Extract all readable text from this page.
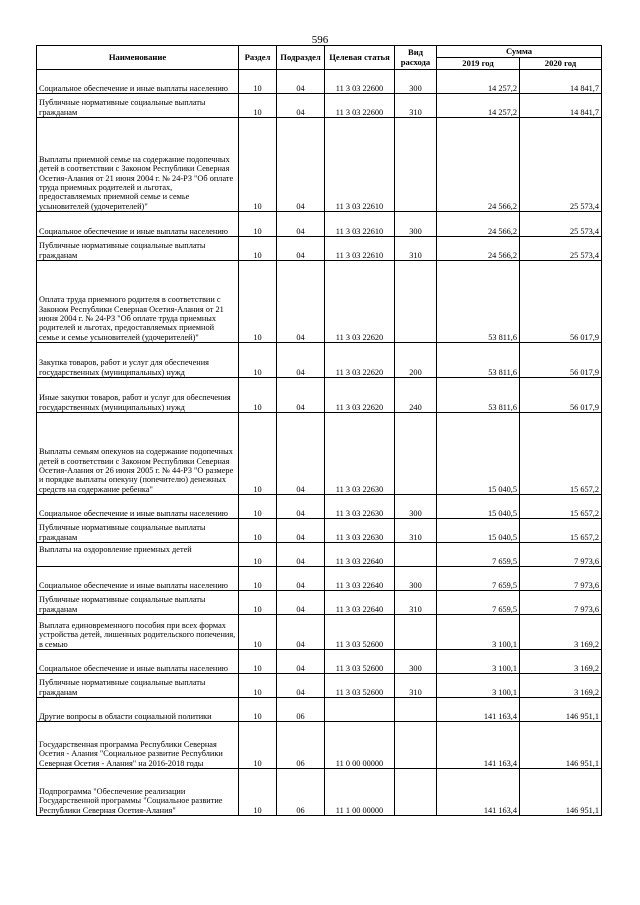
596
Наименование	Раздел	Подраздел	Целевая статья	Вид расхода	Сумма	
					2019 год	2020 год
Социальное обеспечение и иные выплаты населению	10	04	11 3 03 22600	300	14 257,2	14 841,7
Публичные нормативные социальные выплаты гражданам	10	04	11 3 03 22600	310	14 257,2	14 841,7
Выплаты приемной семье на содержание подопечных детей в соответствии с Законом Республики Северная Осетия-Алания от 21 июня 2004 г. № 24-РЗ "Об оплате труда приемных родителей и льготах, предоставляемых приемной семье и семье усыновителей (удочерителей)"	10	04	11 3 03 22610		24 566,2	25 573,4
Социальное обеспечение и иные выплаты населению	10	04	11 3 03 22610	300	24 566,2	25 573,4
Публичные нормативные социальные выплаты гражданам	10	04	11 3 03 22610	310	24 566,2	25 573,4
Оплата труда приемного родителя в соответствии с Законом Республики Северная Осетия-Алания от 21 июня 2004 г. № 24-РЗ "Об оплате труда приемных родителей и льготах, предоставляемых приемной семье и семье усыновителей (удочерителей)"	10	04	11 3 03 22620		53 811,6	56 017,9
Закупка товаров, работ и услуг для обеспечения государственных (муниципальных) нужд	10	04	11 3 03 22620	200	53 811,6	56 017,9
Иные закупки товаров, работ и услуг для обеспечения государственных (муниципальных) нужд	10	04	11 3 03 22620	240	53 811,6	56 017,9
Выплаты семьям опекунов на содержание подопечных детей в соответствии с Законом Республики Северная Осетия-Алания от 26 июня 2005 г. № 44-РЗ "О размере и порядке выплаты опекуну (попечителю) денежных средств на содержание ребенка"	10	04	11 3 03 22630		15 040,5	15 657,2
Социальное обеспечение и иные выплаты населению	10	04	11 3 03 22630	300	15 040,5	15 657,2
Публичные нормативные социальные выплаты гражданам	10	04	11 3 03 22630	310	15 040,5	15 657,2
Выплаты на оздоровление приемных детей	10	04	11 3 03 22640		7 659,5	7 973,6
Социальное обеспечение и иные выплаты населению	10	04	11 3 03 22640	300	7 659,5	7 973,6
Публичные нормативные социальные выплаты гражданам	10	04	11 3 03 22640	310	7 659,5	7 973,6
Выплата единовременного пособия при всех формах устройства детей, лишенных родительского попечения, в семью	10	04	11 3 03 52600		3 100,1	3 169,2
Социальное обеспечение и иные выплаты населению	10	04	11 3 03 52600	300	3 100,1	3 169,2
Публичные нормативные социальные выплаты гражданам	10	04	11 3 03 52600	310	3 100,1	3 169,2
Другие вопросы в области социальной политики	10	06			141 163,4	146 951,1
Государственная программа Республики Северная Осетия - Алания "Социальное развитие Республики Северная Осетия - Алания" на 2016-2018 годы	10	06	11 0 00 00000		141 163,4	146 951,1
Подпрограмма "Обеспечение реализации Государственной программы "Социальное развитие Республики Северная Осетия-Алания"	10	06	11 1 00 00000		141 163,4	146 951,1
